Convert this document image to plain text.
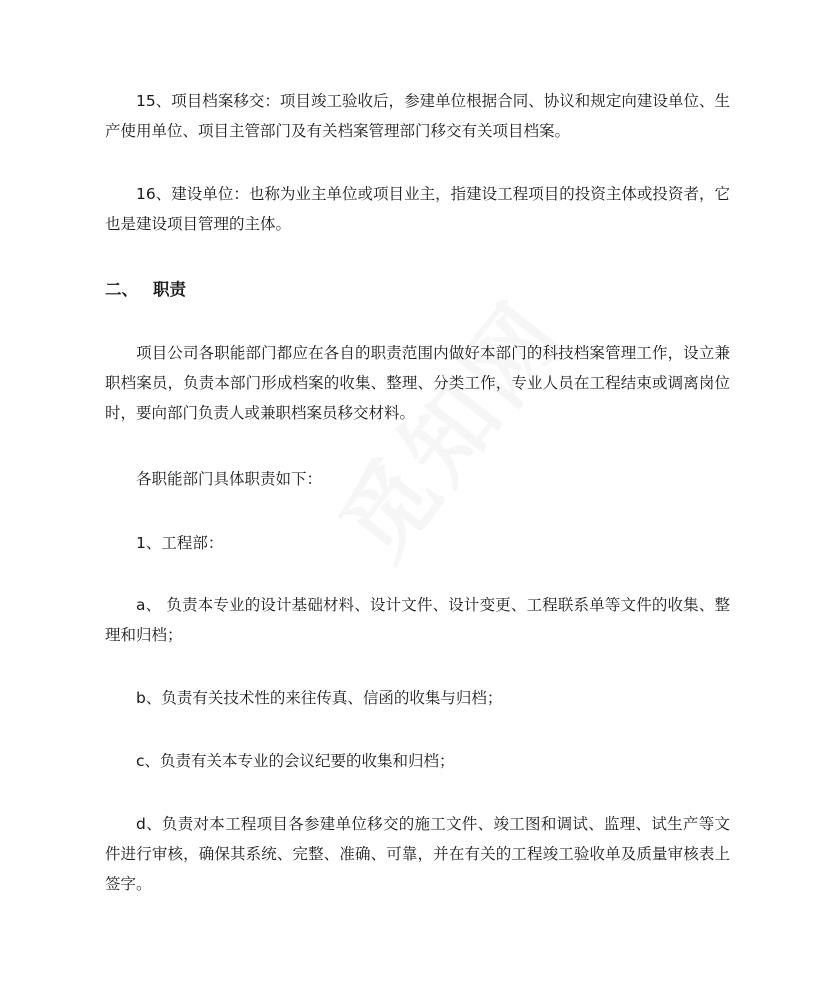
15、项目档案移交：项目竣工验收后，参建单位根据合同、协议和规定向建设单位、生产使用单位、项目主管部门及有关档案管理部门移交有关项目档案。

16、建设单位：也称为业主单位或项目业主，指建设工程项目的投资主体或投资者，它也是建设项目管理的主体。

二、 职责

项目公司各职能部门都应在各自的职责范围内做好本部门的科技档案管理工作，设立兼职档案员，负责本部门形成档案的收集、整理、分类工作，专业人员在工程结束或调离岗位时，要向部门负责人或兼职档案员移交材料。

各职能部门具体职责如下：

1、工程部：

a、 负责本专业的设计基础材料、设计文件、设计变更、工程联系单等文件的收集、整理和归档；

b、负责有关技术性的来往传真、信函的收集与归档；

c、负责有关本专业的会议纪要的收集和归档；

d、负责对本工程项目各参建单位移交的施工文件、竣工图和调试、监理、试生产等文件进行审核，确保其系统、完整、准确、可靠，并在有关的工程竣工验收单及质量审核表上签字。
